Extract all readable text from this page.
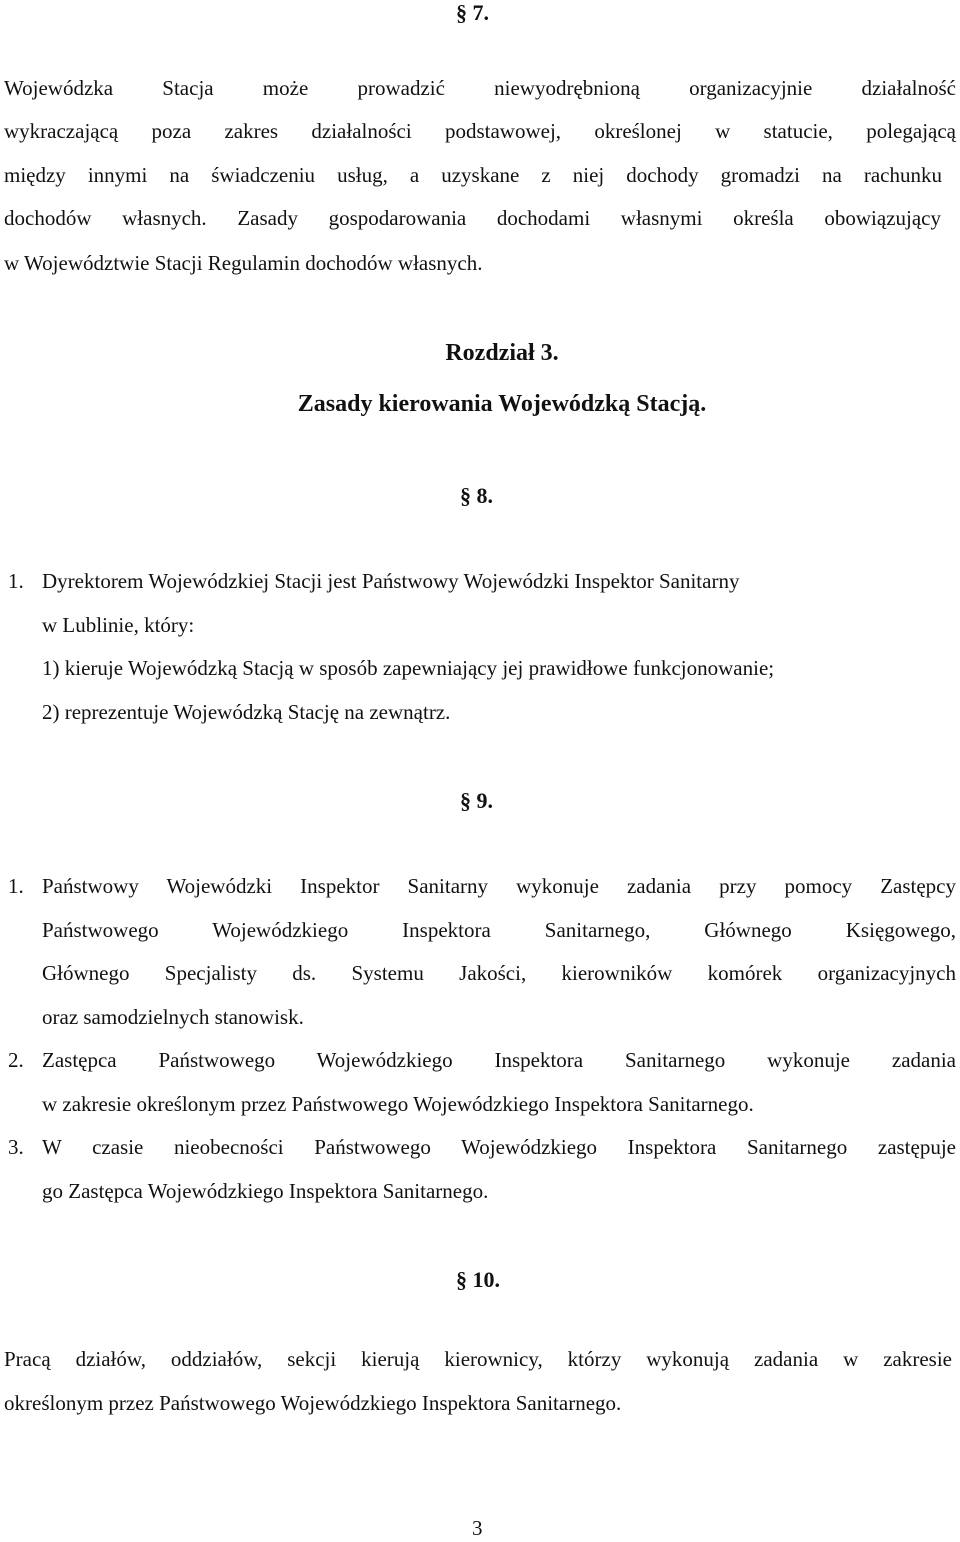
§ 7.
Wojewódzka Stacja może prowadzić niewyodrębnioną organizacyjnie działalność
wykraczającą poza zakres działalności podstawowej, określonej w statucie, polegającą
między innymi na świadczeniu usług, a uzyskane z niej dochody gromadzi na rachunku
dochodów własnych. Zasady gospodarowania dochodami własnymi określa obowiązujący
w Województwie Stacji Regulamin dochodów własnych.
Rozdział 3.
Zasady kierowania Wojewódzką Stacją.
§ 8.
1. Dyrektorem Wojewódzkiej Stacji jest Państwowy Wojewódzki Inspektor Sanitarny
w Lublinie, który:
1) kieruje Wojewódzką Stacją w sposób zapewniający jej prawidłowe funkcjonowanie;
2) reprezentuje Wojewódzką Stację na zewnątrz.
§ 9.
1. Państwowy Wojewódzki Inspektor Sanitarny wykonuje zadania przy pomocy Zastępcy
Państwowego Wojewódzkiego Inspektora Sanitarnego, Głównego Księgowego,
Głównego Specjalisty ds. Systemu Jakości, kierowników komórek organizacyjnych
oraz samodzielnych stanowisk.
2. Zastępca Państwowego Wojewódzkiego Inspektora Sanitarnego wykonuje zadania
w zakresie określonym przez Państwowego Wojewódzkiego Inspektora Sanitarnego.
3. W czasie nieobecności Państwowego Wojewódzkiego Inspektora Sanitarnego zastępuje
go Zastępca Wojewódzkiego Inspektora Sanitarnego.
§ 10.
Pracą działów, oddziałów, sekcji kierują kierownicy, którzy wykonują zadania w zakresie
określonym przez Państwowego Wojewódzkiego Inspektora Sanitarnego.
3
